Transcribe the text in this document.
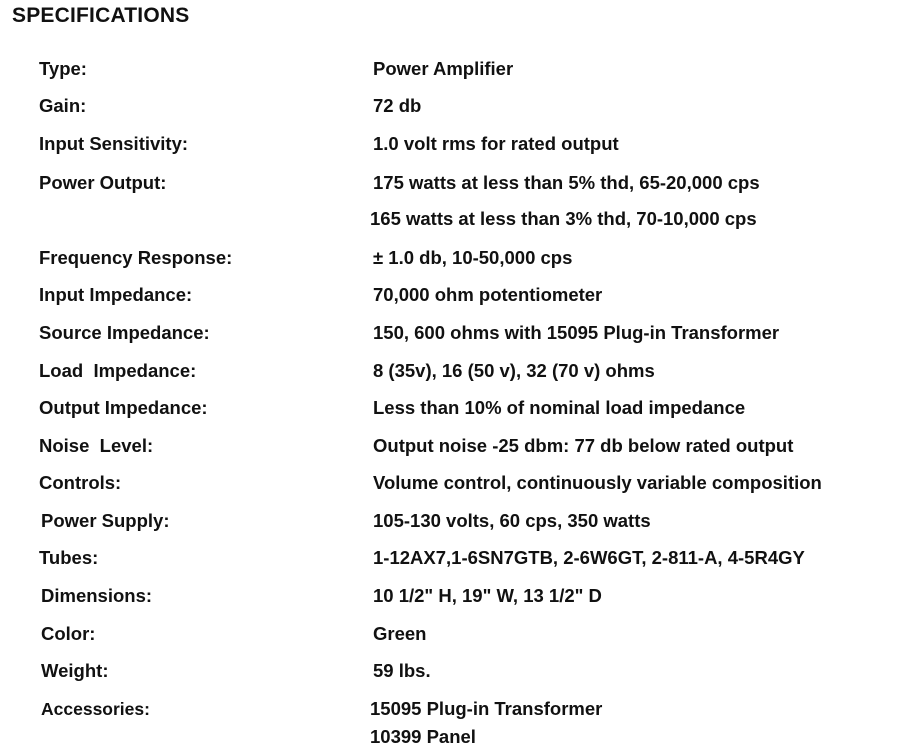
SPECIFICATIONS
Type:	Power Amplifier
Gain:	72 db
Input Sensitivity:	1.0 volt rms for rated output
Power Output:	175 watts at less than 5% thd, 65-20,000 cps
165 watts at less than 3% thd, 70-10,000 cps
Frequency Response:	± 1.0 db, 10-50,000 cps
Input Impedance:	70,000 ohm potentiometer
Source Impedance:	150, 600 ohms with 15095 Plug-in Transformer
Load  Impedance:	8 (35v), 16 (50 v), 32 (70 v) ohms
Output Impedance:	Less than 10% of nominal load impedance
Noise  Level:	Output noise -25 dbm: 77 db below rated output
Controls:	Volume control, continuously variable composition
Power Supply:	105-130 volts, 60 cps, 350 watts
Tubes:	1-12AX7,1-6SN7GTB, 2-6W6GT, 2-811-A, 4-5R4GY
Dimensions:	10 1/2" H, 19" W, 13 1/2" D
Color:	Green
Weight:	59 lbs.
Accessories:	15095 Plug-in Transformer
10399 Panel
